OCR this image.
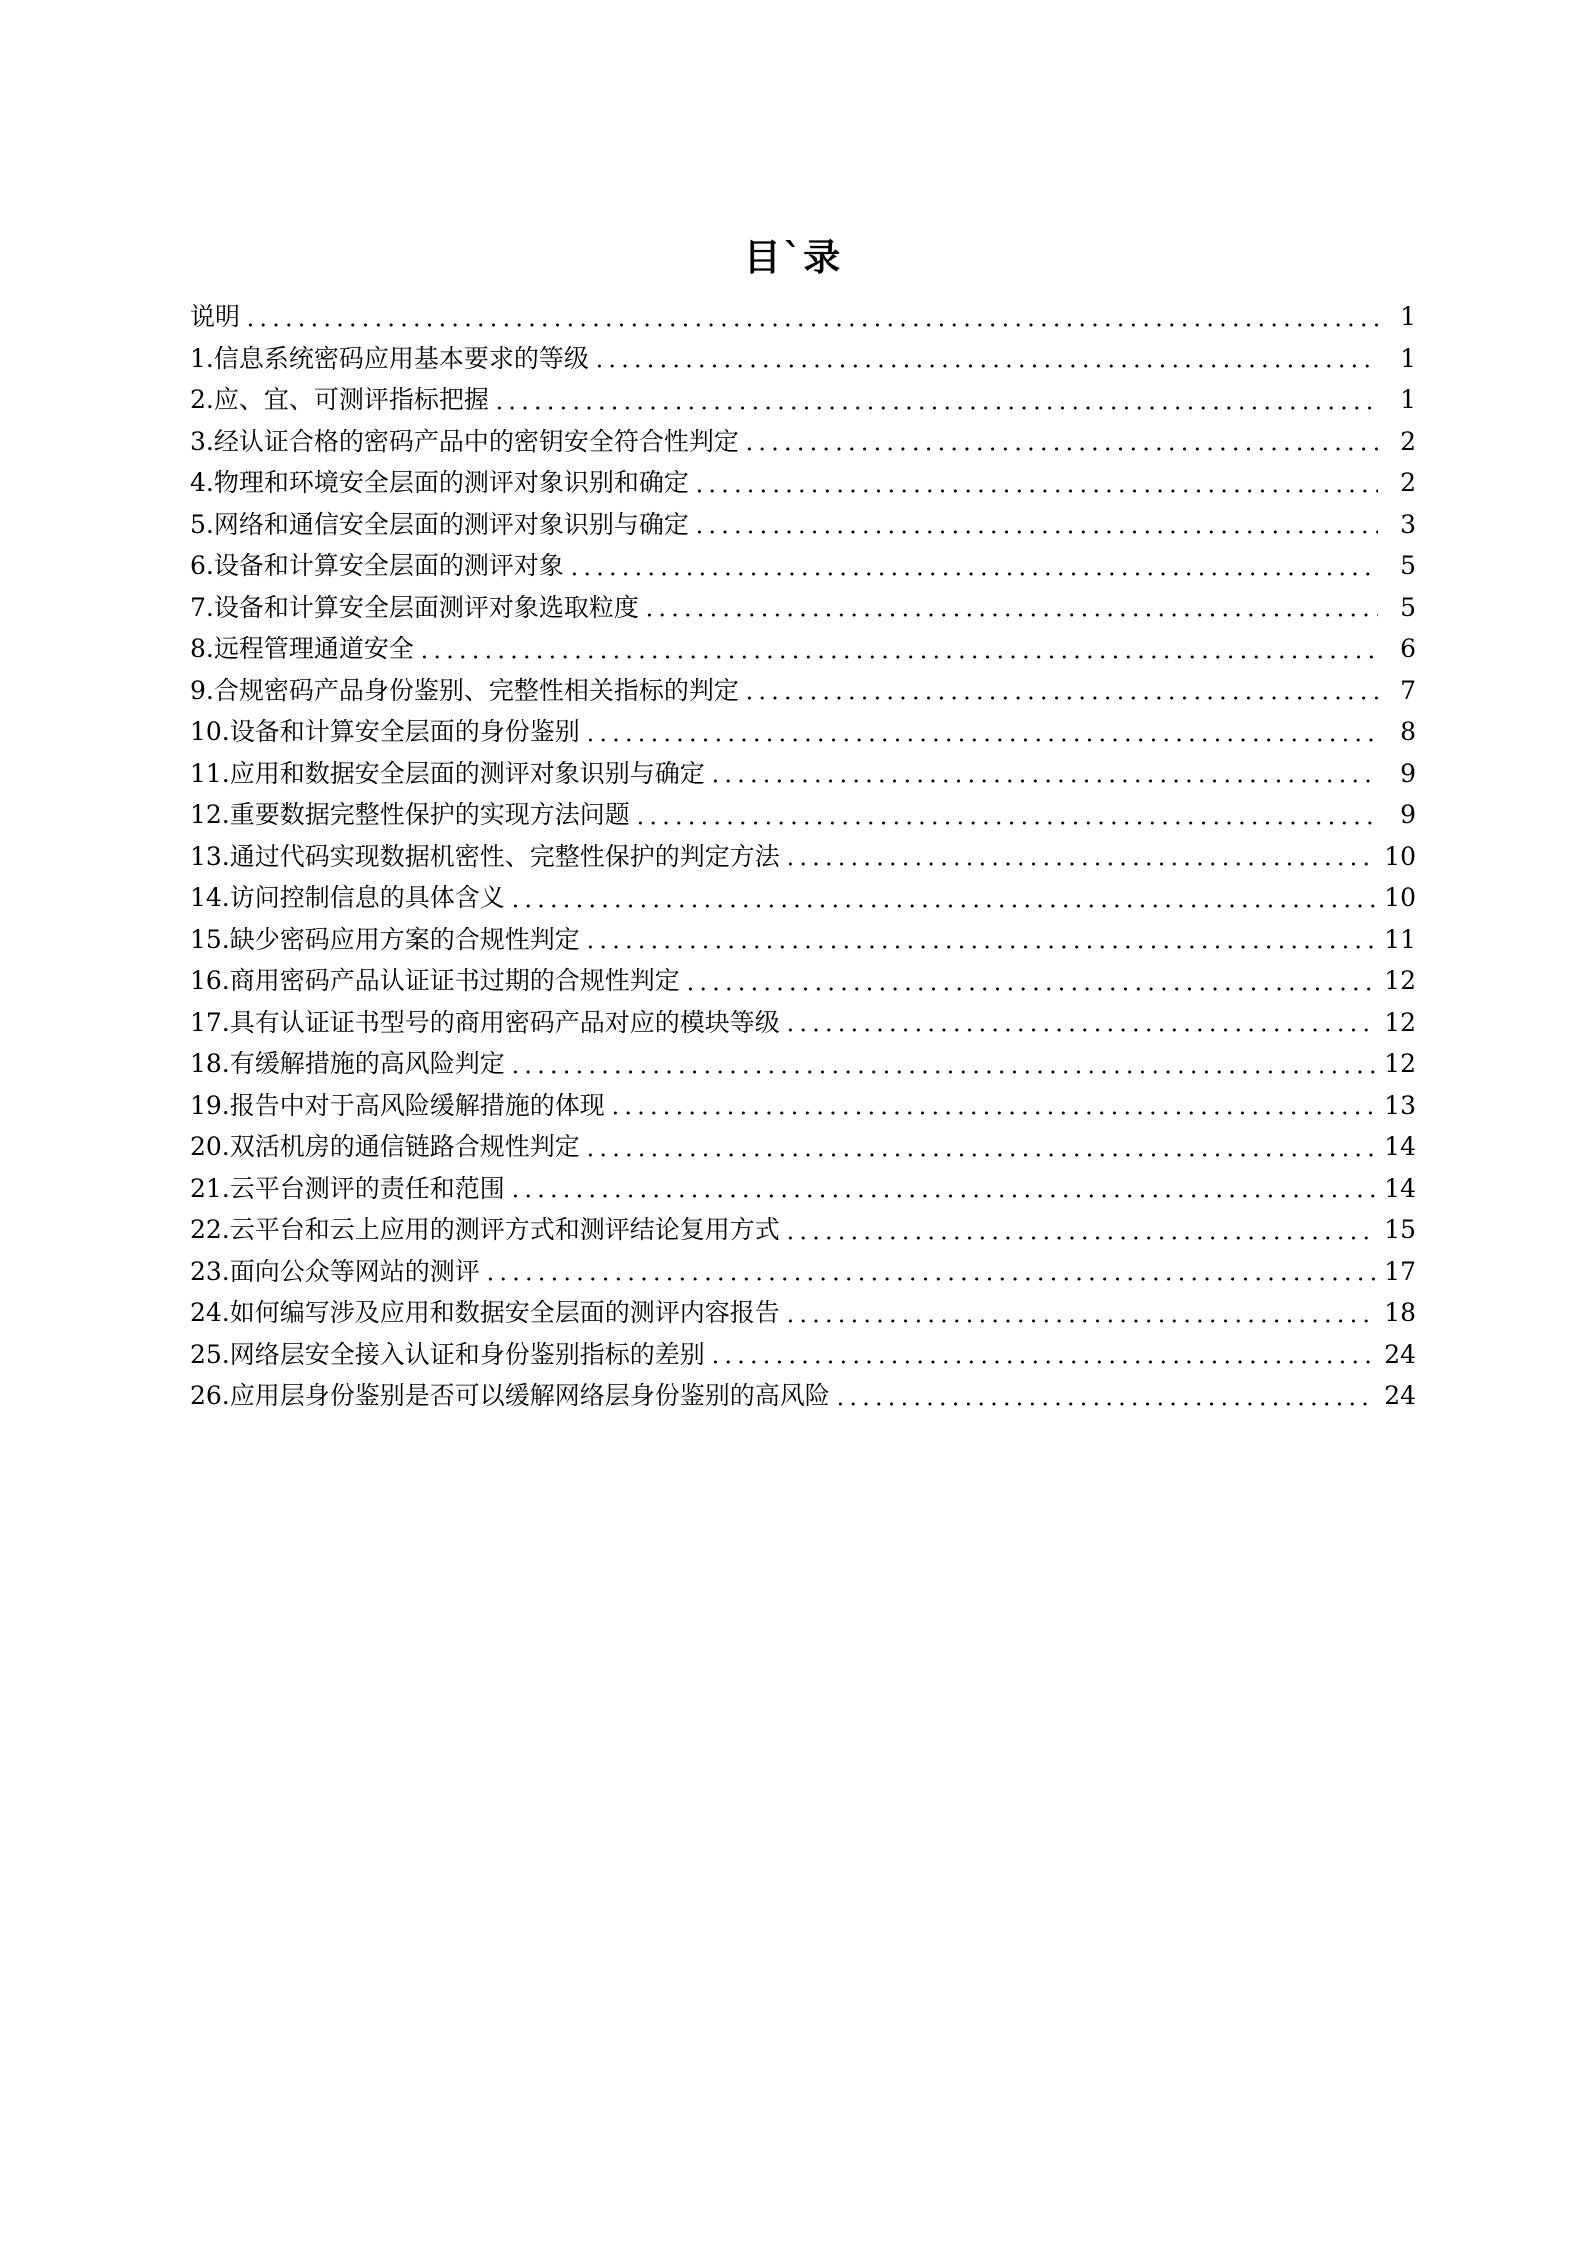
目`录
说明	1
1.信息系统密码应用基本要求的等级	1
2.应、宜、可测评指标把握	1
3.经认证合格的密码产品中的密钥安全符合性判定	2
4.物理和环境安全层面的测评对象识别和确定	2
5.网络和通信安全层面的测评对象识别与确定	3
6.设备和计算安全层面的测评对象	5
7.设备和计算安全层面测评对象选取粒度	5
8.远程管理通道安全	6
9.合规密码产品身份鉴别、完整性相关指标的判定	7
10.设备和计算安全层面的身份鉴别	8
11.应用和数据安全层面的测评对象识别与确定	9
12.重要数据完整性保护的实现方法问题	9
13.通过代码实现数据机密性、完整性保护的判定方法	10
14.访问控制信息的具体含义	10
15.缺少密码应用方案的合规性判定	11
16.商用密码产品认证证书过期的合规性判定	12
17.具有认证证书型号的商用密码产品对应的模块等级	12
18.有缓解措施的高风险判定	12
19.报告中对于高风险缓解措施的体现	13
20.双活机房的通信链路合规性判定	14
21.云平台测评的责任和范围	14
22.云平台和云上应用的测评方式和测评结论复用方式	15
23.面向公众等网站的测评	17
24.如何编写涉及应用和数据安全层面的测评内容报告	18
25.网络层安全接入认证和身份鉴别指标的差别	24
26.应用层身份鉴别是否可以缓解网络层身份鉴别的高风险	24
